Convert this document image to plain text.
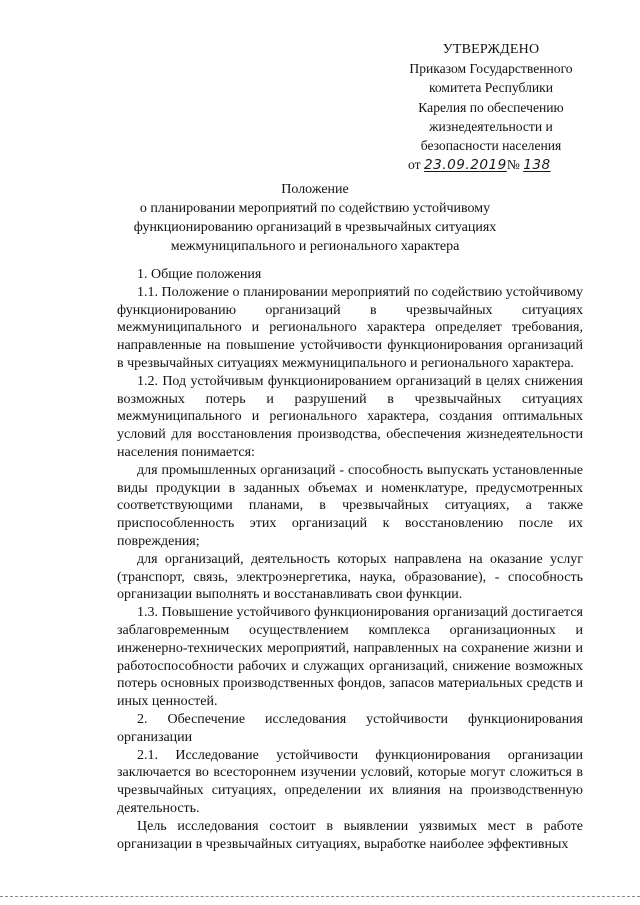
УТВЕРЖДЕНО
Приказом Государственного
комитета Республики
Карелия по обеспечению
жизнедеятельности и
безопасности населения
от 23.09.2019№ 138
Положение
о планировании мероприятий по содействию устойчивому
функционированию организаций в чрезвычайных ситуациях
межмуниципального и регионального характера

1. Общие положения

1.1. Положение о планировании мероприятий по содействию устойчивому функционированию организаций в чрезвычайных ситуациях межмуниципального и регионального характера определяет требования, направленные на повышение устойчивости функционирования организаций в чрезвычайных ситуациях межмуниципального и регионального характера.

1.2. Под устойчивым функционированием организаций в целях снижения возможных потерь и разрушений в чрезвычайных ситуациях межмуниципального и регионального характера, создания оптимальных условий для восстановления производства, обеспечения жизнедеятельности населения понимается:

для промышленных организаций - способность выпускать установленные виды продукции в заданных объемах и номенклатуре, предусмотренных соответствующими планами, в чрезвычайных ситуациях, а также приспособленность этих организаций к восстановлению после их повреждения;

для организаций, деятельность которых направлена на оказание услуг (транспорт, связь, электроэнергетика, наука, образование), - способность организации выполнять и восстанавливать свои функции.

1.3. Повышение устойчивого функционирования организаций достигается заблаговременным осуществлением комплекса организационных и инженерно-технических мероприятий, направленных на сохранение жизни и работоспособности рабочих и служащих организаций, снижение возможных потерь основных производственных фондов, запасов материальных средств и иных ценностей.

2. Обеспечение исследования устойчивости функционирования организации

2.1. Исследование устойчивости функционирования организации заключается во всестороннем изучении условий, которые могут сложиться в чрезвычайных ситуациях, определении их влияния на производственную деятельность.

Цель исследования состоит в выявлении уязвимых мест в работе организации в чрезвычайных ситуациях, выработке наиболее эффективных
